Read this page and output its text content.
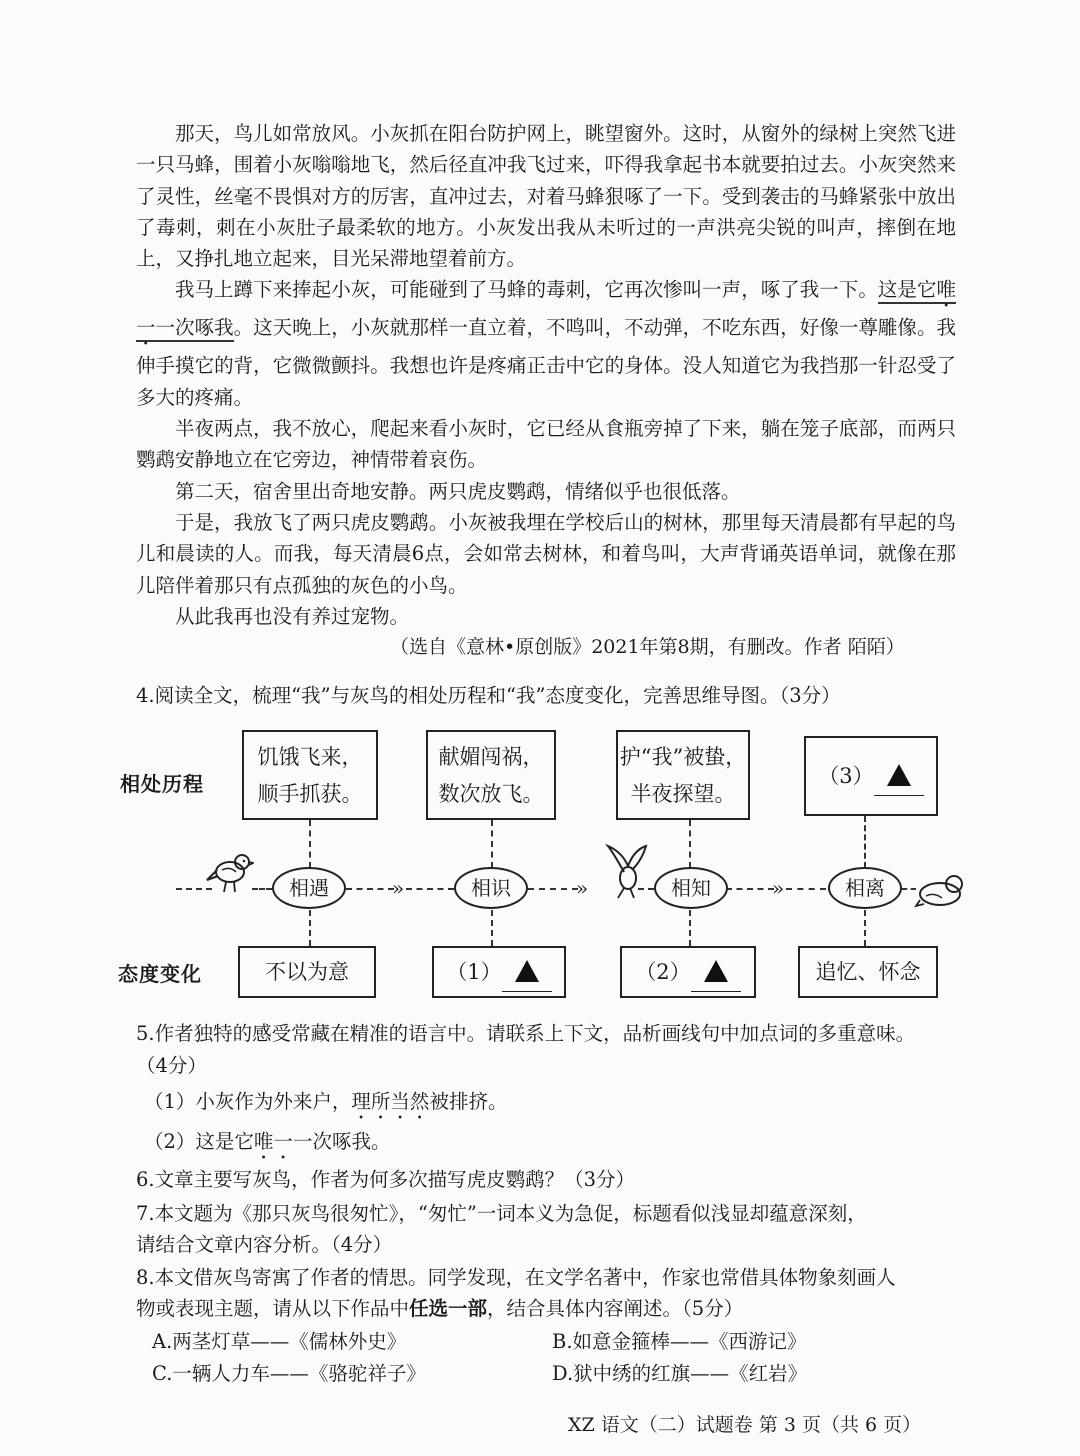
那天，鸟儿如常放风。小灰抓在阳台防护网上，眺望窗外。这时，从窗外的绿树上突然飞进一只马蜂，围着小灰嗡嗡地飞，然后径直冲我飞过来，吓得我拿起书本就要拍过去。小灰突然来了灵性，丝毫不畏惧对方的厉害，直冲过去，对着马蜂狠啄了一下。受到袭击的马蜂紧张中放出了毒刺，刺在小灰肚子最柔软的地方。小灰发出我从未听过的一声洪亮尖锐的叫声，摔倒在地上，又挣扎地立起来，目光呆滞地望着前方。

我马上蹲下来捧起小灰，可能碰到了马蜂的毒刺，它再次惨叫一声，啄了我一下。这是它唯一一次啄我。这天晚上，小灰就那样一直立着，不鸣叫，不动弹，不吃东西，好像一尊雕像。我伸手摸它的背，它微微颤抖。我想也许是疼痛正击中它的身体。没人知道它为我挡那一针忍受了多大的疼痛。

半夜两点，我不放心，爬起来看小灰时，它已经从食瓶旁掉了下来，躺在笼子底部，而两只鹦鹉安静地立在它旁边，神情带着哀伤。

第二天，宿舍里出奇地安静。两只虎皮鹦鹉，情绪似乎也很低落。

于是，我放飞了两只虎皮鹦鹉。小灰被我埋在学校后山的树林，那里每天清晨都有早起的鸟儿和晨读的人。而我，每天清晨6点，会如常去树林，和着鸟叫，大声背诵英语单词，就像在那儿陪伴着那只有点孤独的灰色的小鸟。

从此我再也没有养过宠物。

（选自《意林•原创版》2021年第8期，有删改。作者 陌陌）
4.阅读全文，梳理“我”与灰鸟的相处历程和“我”态度变化，完善思维导图。（3分）
相处历程
态度变化
饥饿飞来，
顺手抓获。
献媚闯祸，
数次放飞。
护“我”被蛰，
半夜探望。
（3）
»	»	»
相遇	相识	相知	相离
不以为意	（1）	（2）	追忆、怀念
5.作者独特的感受常藏在精准的语言中。请联系上下文，品析画线句中加点词的多重意味。
（4分）
（1）小灰作为外来户，理所当然被排挤。
（2）这是它唯一一次啄我。
6.文章主要写灰鸟，作者为何多次描写虎皮鹦鹉？（3分）
7.本文题为《那只灰鸟很匆忙》，“匆忙”一词本义为急促，标题看似浅显却蕴意深刻，
请结合文章内容分析。（4分）
8.本文借灰鸟寄寓了作者的情思。同学发现，在文学名著中，作家也常借具体物象刻画人
物或表现主题，请从以下作品中任选一部，结合具体内容阐述。（5分）
A.两茎灯草——《儒林外史》	B.如意金箍棒——《西游记》
C.一辆人力车——《骆驼祥子》	D.狱中绣的红旗——《红岩》
XZ 语文（二）试题卷 第 3 页（共 6 页）
